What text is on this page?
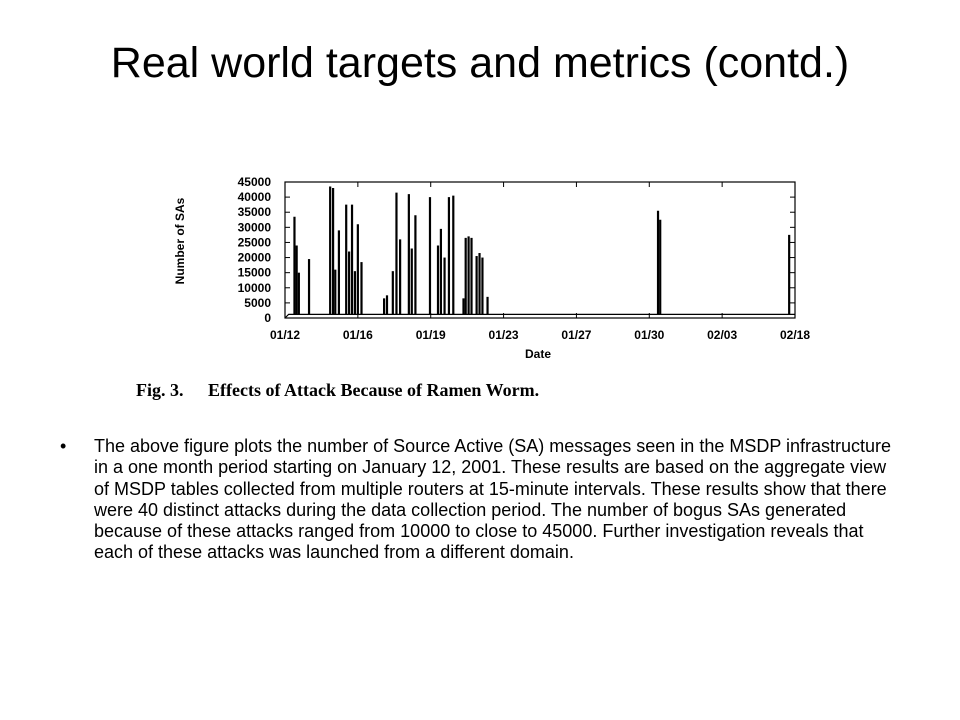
Real world targets and metrics (contd.)
Number of SAs
Date
0
5000
10000
15000
20000
25000
30000
35000
40000
45000
01/12	01/16	01/19	01/23	01/27	01/30	02/03	02/18
Fig. 3. Effects of Attack Because of Ramen Worm.
•	The above figure plots the number of Source Active (SA) messages seen in the MSDP infrastructure in a one month period starting on January 12, 2001. These results are based on the aggregate view of MSDP tables collected from multiple routers at 15-minute intervals. These results show that there were 40 distinct attacks during the data collection period. The number of bogus SAs generated because of these attacks ranged from 10000 to close to 45000. Further investigation reveals that each of these attacks was launched from a different domain.
